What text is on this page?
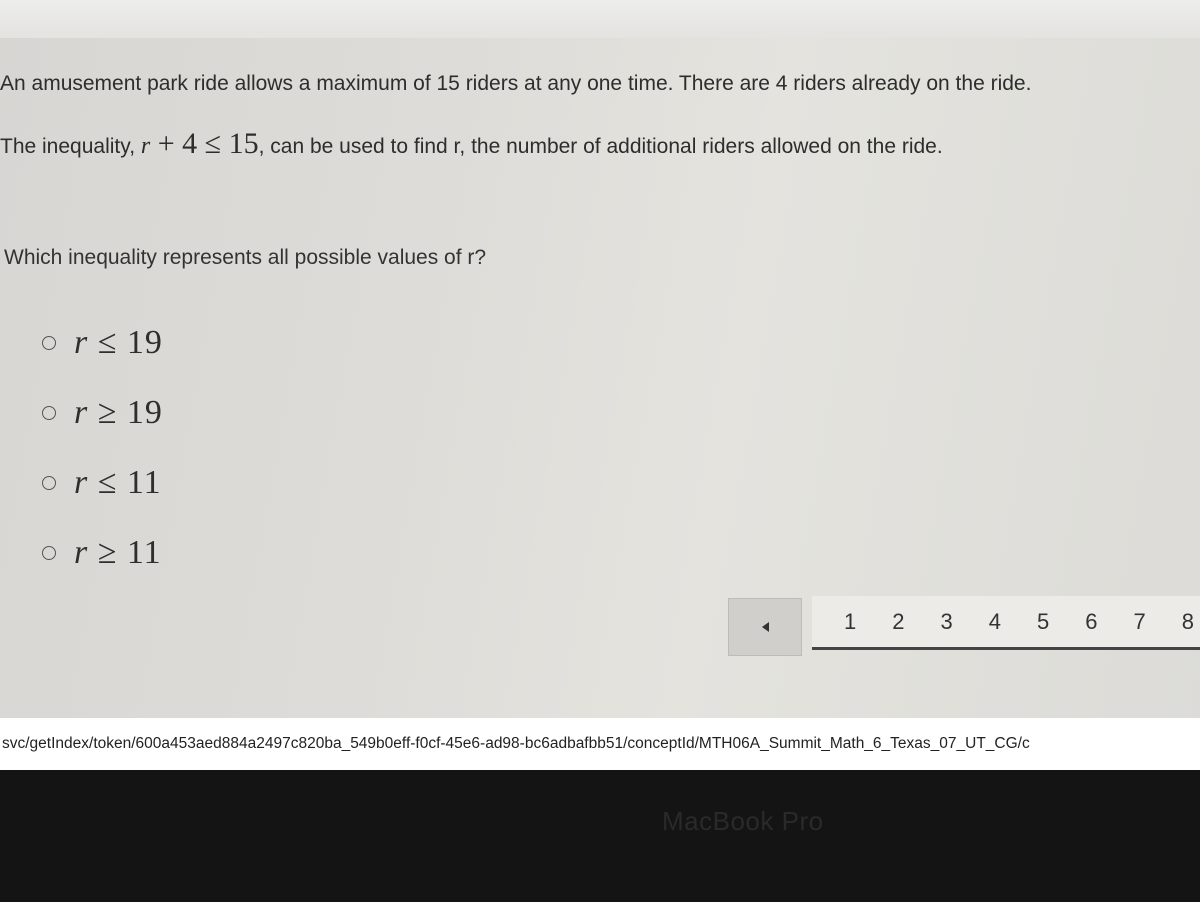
An amusement park ride allows a maximum of 15 riders at any one time. There are 4 riders already on the ride.
The inequality, r + 4 ≤ 15, can be used to find r, the number of additional riders allowed on the ride.
Which inequality represents all possible values of r?
r ≤ 19
r ≥ 19
r ≤ 11
r ≥ 11
1	2	3	4	5	6	7	8
svc/getIndex/token/600a453aed884a2497c820ba_549b0eff-f0cf-45e6-ad98-bc6adbafbb51/conceptId/MTH06A_Summit_Math_6_Texas_07_UT_CG/c
MacBook Pro
